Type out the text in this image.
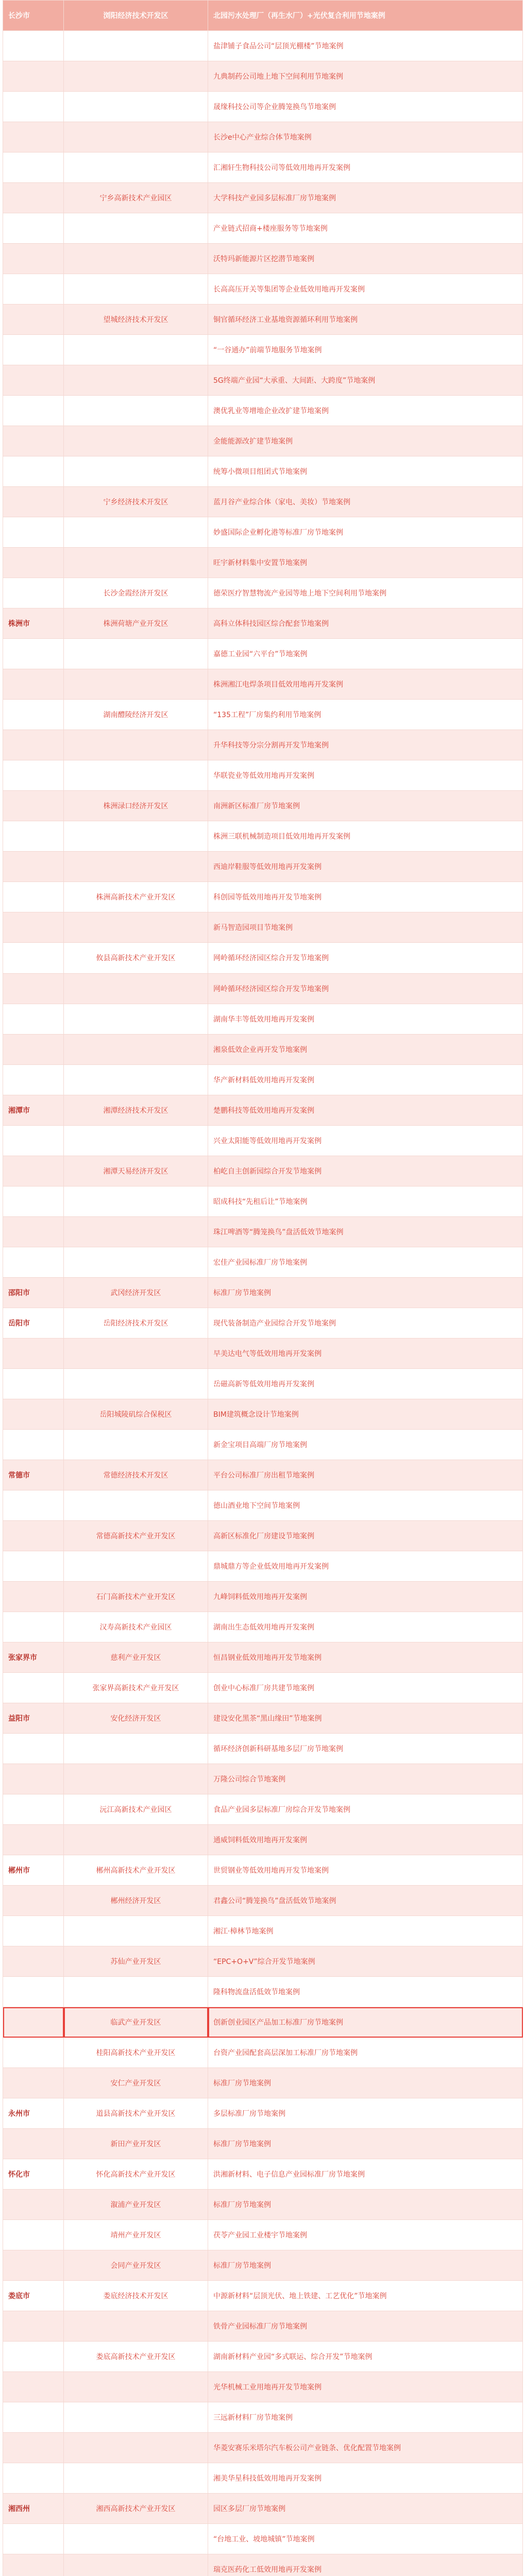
长沙市	浏阳经济技术开发区	北园污水处理厂（再生水厂）+光伏复合利用节地案例
		盐津铺子食品公司“层顶光棚楼”节地案例
		九典制药公司地上地下空间利用节地案例
		晟缘科技公司等企业腾笼换鸟节地案例
		长沙e中心产业综合体节地案例
		汇湘轩生物科技公司等低效用地再开发案例
	宁乡高新技术产业园区	大学科技产业园多层标准厂房节地案例
		产业链式招商+楼座服务等节地案例
		沃特玛新能源片区挖潜节地案例
		长高高压开关等集团等企业低效用地再开发案例
	望城经济技术开发区	铜官循环经济工业基地资源循环利用节地案例
		“一谷通办”前端节地服务节地案例
		5G终端产业园“大承重、大间距、大跨度”节地案例
		澳优乳业等增地企业改扩建节地案例
		金能能源改扩建节地案例
		统筹小微项目组团式节地案例
	宁乡经济技术开发区	蓝月谷产业综合体（家电、美妆）节地案例
		妙盛国际企业孵化港等标准厂房节地案例
		旺宇新材料集中安置节地案例
	长沙金霞经济开发区	德荣医疗智慧物流产业园等地上地下空间利用节地案例
株洲市	株洲荷塘产业开发区	高科立体科技园区综合配套节地案例
		嘉德工业园“六平台”节地案例
		株洲湘江电焊条项目低效用地再开发案例
	湖南醴陵经济开发区	“135工程”厂房集约利用节地案例
		升华科技等分宗分割再开发节地案例
		华联瓷业等低效用地再开发案例
	株洲渌口经济开发区	南洲新区标准厂房节地案例
		株洲三联机械制造项目低效用地再开发案例
		西迪岸鞋服等低效用地再开发案例
	株洲高新技术产业开发区	科创园等低效用地再开发节地案例
		新马智造园项目节地案例
	攸县高新技术产业开发区	网岭循环经济园区综合开发节地案例
		网岭循环经济园区综合开发节地案例
		湖南华丰等低效用地再开发案例
		湘泉低效企业再开发节地案例
		华产新材料低效用地再开发案例
湘潭市	湘潭经济技术开发区	楚鹏科技等低效用地再开发案例
		兴业太阳能等低效用地再开发案例
	湘潭天易经济开发区	柏屹自主创新园综合开发节地案例
		昭成科技“先租后让”节地案例
		珠江啤酒等“腾笼换鸟”盘活低效节地案例
		宏佳产业园标准厂房节地案例
邵阳市	武冈经济开发区	标准厂房节地案例
岳阳市	岳阳经济技术开发区	现代装备制造产业园综合开发节地案例
		早美达电气等低效用地再开发案例
		岳磁高新等低效用地再开发案例
	岳阳城陵矶综合保税区	BIM建筑概念设计节地案例
		新金宝项目高端厂房节地案例
常德市	常德经济技术开发区	平台公司标准厂房出租节地案例
		德山酒业地下空间节地案例
	常德高新技术产业开发区	高新区标准化厂房建设节地案例
		鼎城鼎方等企业低效用地再开发案例
	石门高新技术产业开发区	九峰饲料低效用地再开发案例
	汉寿高新技术产业园区	湖南出生态低效用地再开发案例
张家界市	慈利产业开发区	恒昌钢业低效用地再开发节地案例
	张家界高新技术产业开发区	创业中心标准厂房共建节地案例
益阳市	安化经济开发区	建设安化黑茶“黑山缘田”节地案例
		循环经济创新科研基地多层厂房节地案例
		万隆公司综合节地案例
	沅江高新技术产业园区	食品产业园多层标准厂房综合开发节地案例
		通威饲料低效用地再开发案例
郴州市	郴州高新技术产业开发区	世贸钢业等低效用地再开发节地案例
	郴州经济开发区	君鑫公司“腾笼换鸟”盘活低效节地案例
		湘江·樟林节地案例
	苏仙产业开发区	“EPC+O+V”综合开发节地案例
		隆科物流盘活低效节地案例
	临武产业开发区	创新创业园区产品加工标准厂房节地案例
	桂阳高新技术产业开发区	台资产业园配套高层深加工标准厂房节地案例
	安仁产业开发区	标准厂房节地案例
永州市	道县高新技术产业开发区	多层标准厂房节地案例
	新田产业开发区	标准厂房节地案例
怀化市	怀化高新技术产业开发区	洪湘新材料、电子信息产业园标准厂房节地案例
	溆浦产业开发区	标准厂房节地案例
	靖州产业开发区	茯苓产业园工业楼宇节地案例
	会同产业开发区	标准厂房节地案例
娄底市	娄底经济技术开发区	中源新材料“层顶光伏、地上铁建、工艺优化”节地案例
		铁骨产业园标准厂房节地案例
	娄底高新技术产业开发区	湖南新材料产业园“多式联运、综合开发”节地案例
		光华机械工业用地再开发节地案例
		三远新材料厂房节地案例
		华菱安赛乐米塔尔汽车板公司产业链条、优化配置节地案例
		湘美华星科技低效用地再开发案例
湘西州	湘西高新技术产业开发区	园区多层厂房节地案例
		“台地工业、坡地城镇”节地案例
		瑞克医药化工低效用地再开发案例
